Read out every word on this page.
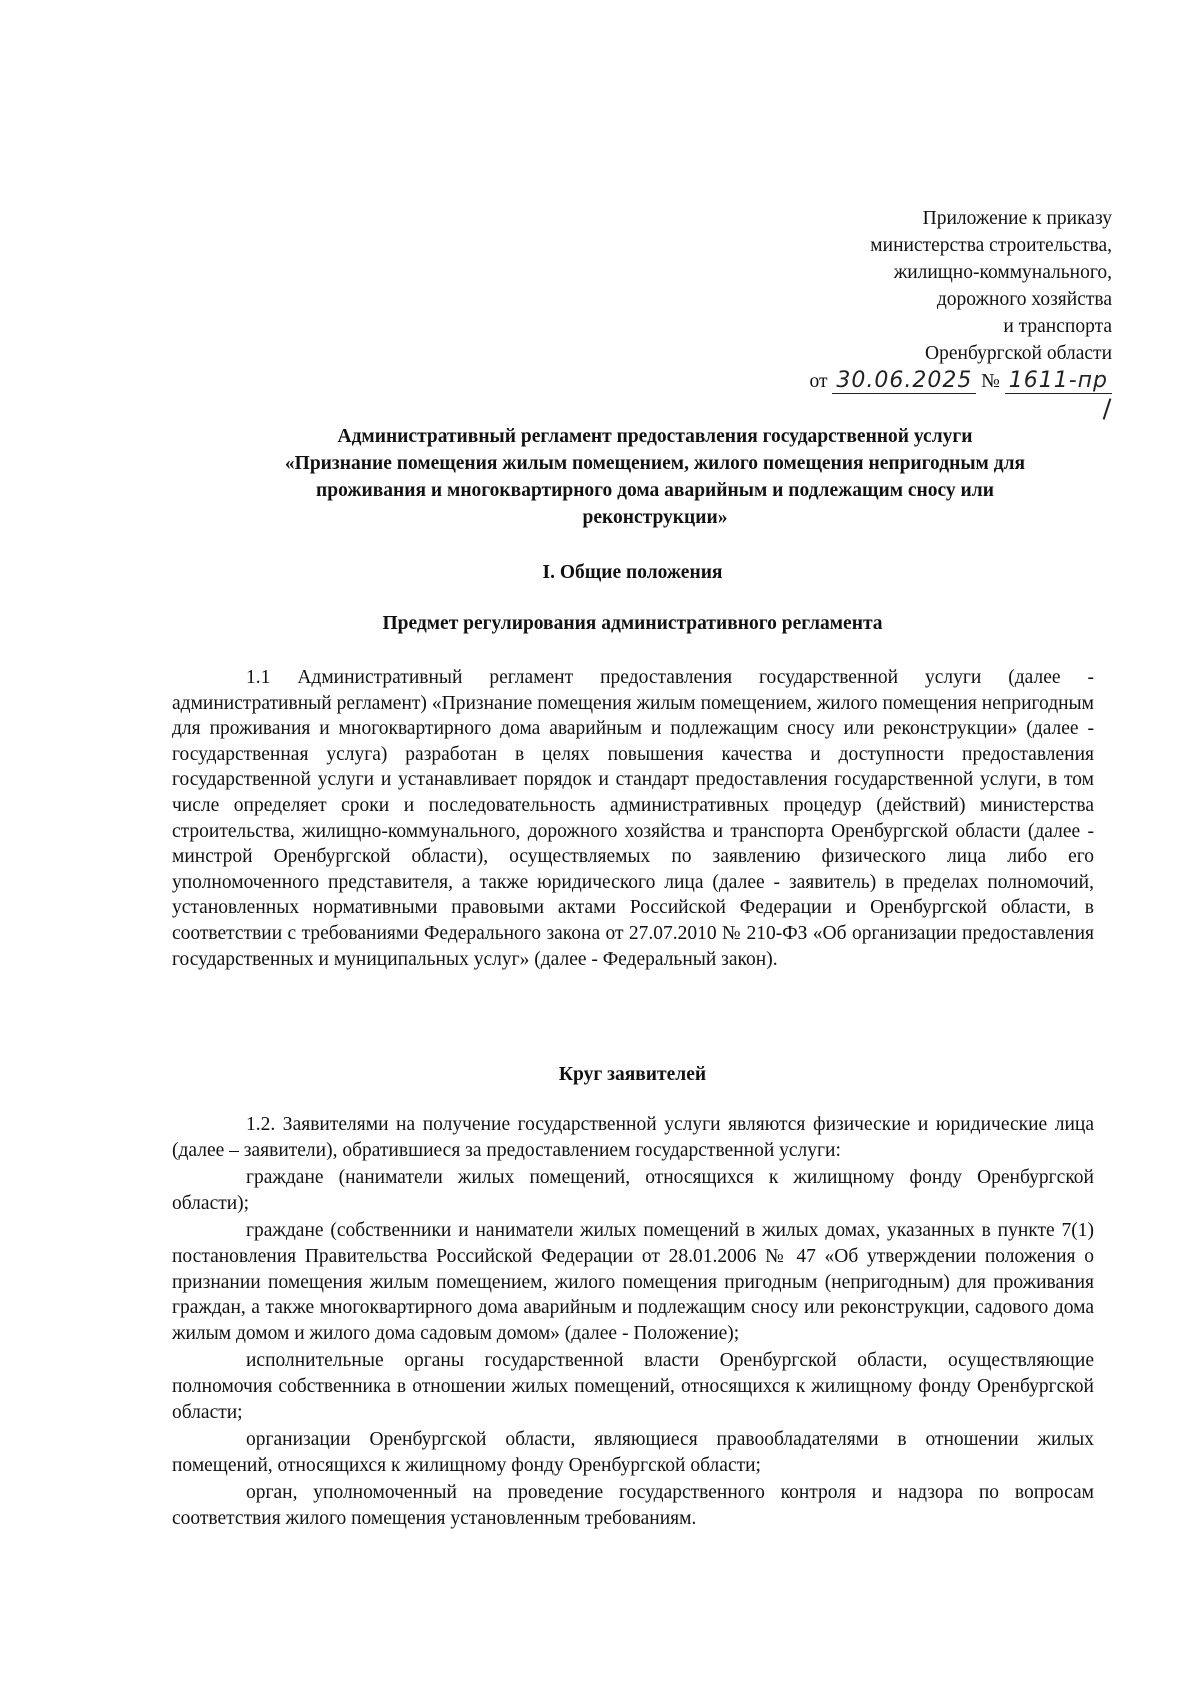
Приложение к приказу
министерства строительства,
жилищно-коммунального,
дорожного хозяйства
и транспорта
Оренбургской области
от 30.06.2025 № 1611-пр
Административный регламент предоставления государственной услуги
«Признание помещения жилым помещением, жилого помещения непригодным для
проживания и многоквартирного дома аварийным и подлежащим сносу или
реконструкции»
I. Общие положения
Предмет регулирования административного регламента
1.1 Административный регламент предоставления государственной услуги (далее - административный регламент) «Признание помещения жилым помещением, жилого помещения непригодным для проживания и многоквартирного дома аварийным и подлежащим сносу или реконструкции» (далее - государственная услуга) разработан в целях повышения качества и доступности предоставления государственной услуги и устанавливает порядок и стандарт предоставления государственной услуги, в том числе определяет сроки и последовательность административных процедур (действий) министерства строительства, жилищно-коммунального, дорожного хозяйства и транспорта Оренбургской области (далее - минстрой Оренбургской области), осуществляемых по заявлению физического лица либо его уполномоченного представителя, а также юридического лица (далее - заявитель) в пределах полномочий, установленных нормативными правовыми актами Российской Федерации и Оренбургской области, в соответствии с требованиями Федерального закона от 27.07.2010 № 210-ФЗ «Об организации предоставления государственных и муниципальных услуг» (далее - Федеральный закон).
Круг заявителей
1.2. Заявителями на получение государственной услуги являются физические и юридические лица (далее – заявители), обратившиеся за предоставлением государственной услуги:
граждане (наниматели жилых помещений, относящихся к жилищному фонду Оренбургской области);
граждане (собственники и наниматели жилых помещений в жилых домах, указанных в пункте 7(1) постановления Правительства Российской Федерации от 28.01.2006 № 47 «Об утверждении положения о признании помещения жилым помещением, жилого помещения пригодным (непригодным) для проживания граждан, а также многоквартирного дома аварийным и подлежащим сносу или реконструкции, садового дома жилым домом и жилого дома садовым домом» (далее - Положение);
исполнительные органы государственной власти Оренбургской области, осуществляющие полномочия собственника в отношении жилых помещений, относящихся к жилищному фонду Оренбургской области;
организации Оренбургской области, являющиеся правообладателями в отношении жилых помещений, относящихся к жилищному фонду Оренбургской области;
орган, уполномоченный на проведение государственного контроля и надзора по вопросам соответствия жилого помещения установленным требованиям.
